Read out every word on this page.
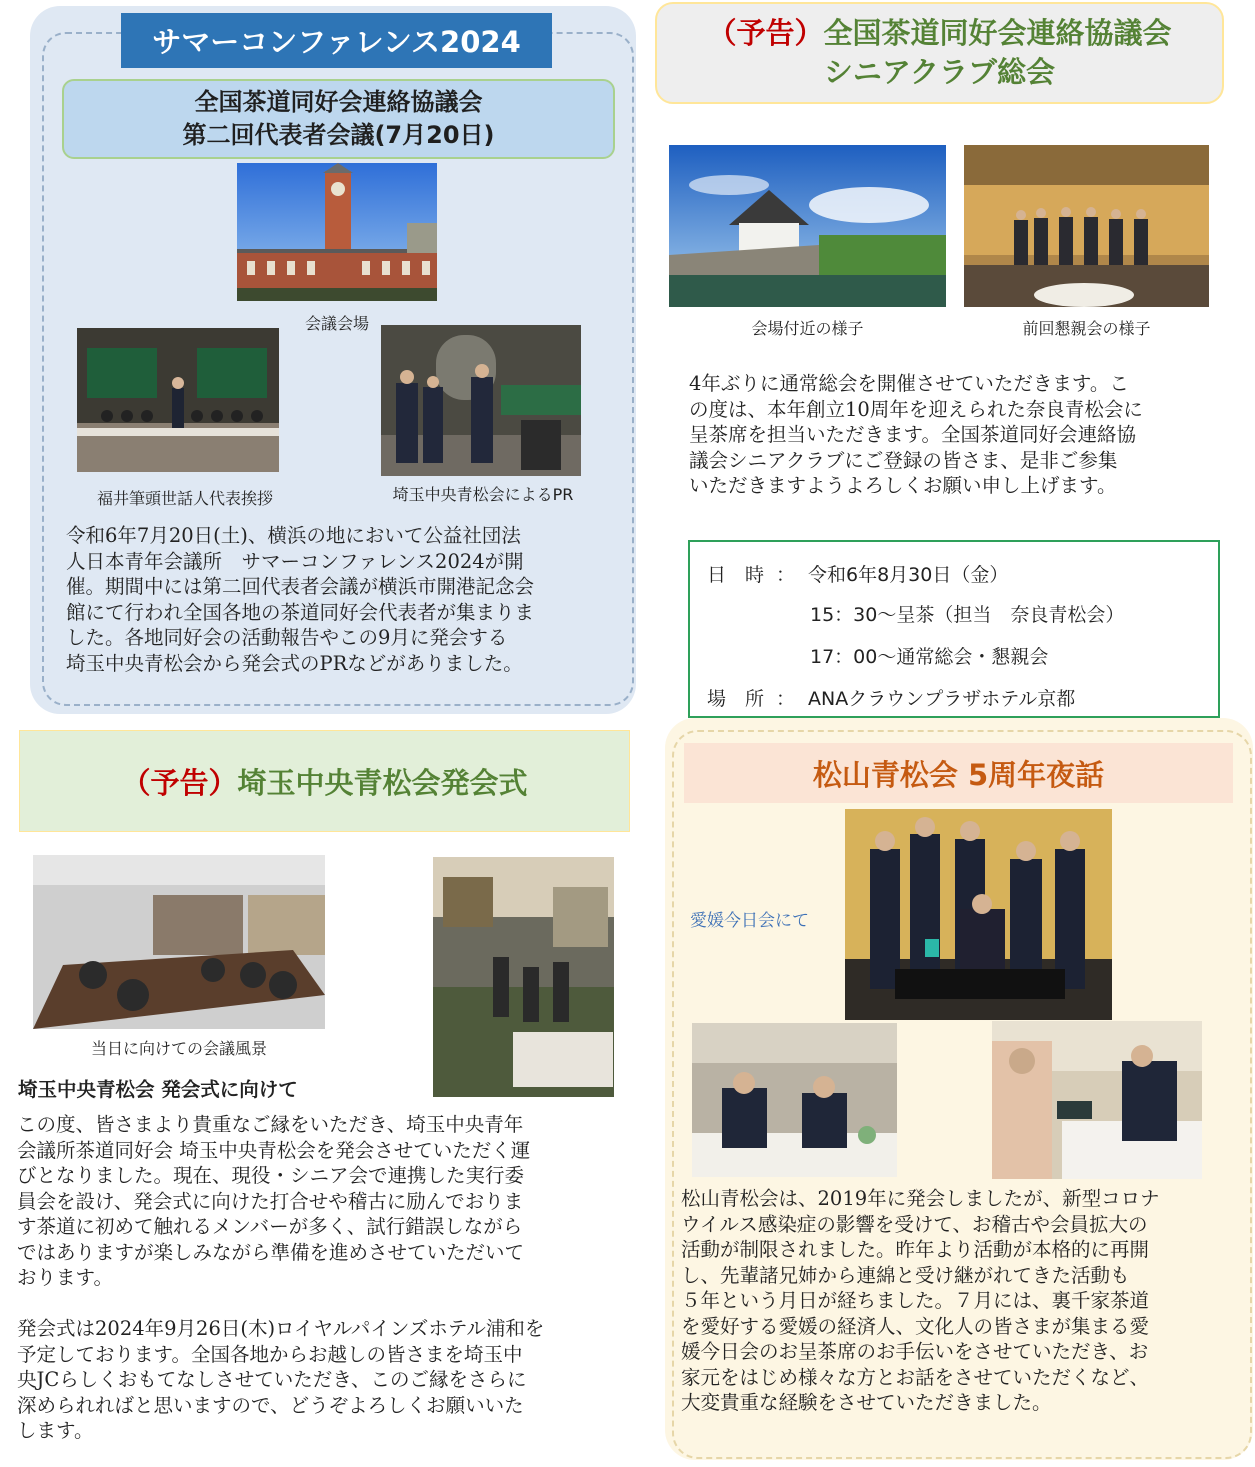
サマーコンファレンス2024
全国茶道同好会連絡協議会
第二回代表者会議(7月20日)
会議会場
福井筆頭世話人代表挨拶	埼玉中央青松会によるPR
令和6年7月20日(土)、横浜の地において公益社団法
人日本青年会議所　サマーコンファレンス2024が開
催。期間中には第二回代表者会議が横浜市開港記念会
館にて行われ全国各地の茶道同好会代表者が集まりま
した。各地同好会の活動報告やこの9月に発会する
埼玉中央青松会から発会式のPRなどがありました。
（予告）全国茶道同好会連絡協議会
シニアクラブ総会
会場付近の様子	前回懇親会の様子
4年ぶりに通常総会を開催させていただきます。こ
の度は、本年創立10周年を迎えられた奈良青松会に
呈茶席を担当いただきます。全国茶道同好会連絡協
議会シニアクラブにご登録の皆さま、是非ご参集
いただきますようよろしくお願い申し上げます。
日　時 ： 令和6年8月30日（金）
15：30～呈茶（担当　奈良青松会）
17：00～通常総会・懇親会
場　所 ： ANAクラウンプラザホテル京都
（予告） 埼玉中央青松会発会式
当日に向けての会議風景
埼玉中央青松会 発会式に向けて
この度、皆さまより貴重なご縁をいただき、埼玉中央青年
会議所茶道同好会 埼玉中央青松会を発会させていただく運
びとなりました。現在、現役・シニア会で連携した実行委
員会を設け、発会式に向けた打合せや稽古に励んでおりま
す茶道に初めて触れるメンバーが多く、試行錯誤しながら
ではありますが楽しみながら準備を進めさせていただいて
おります。
発会式は2024年9月26日(木)ロイヤルパインズホテル浦和を
予定しております。全国各地からお越しの皆さまを埼玉中
央JCらしくおもてなしさせていただき、このご縁をさらに
深められればと思いますので、どうぞよろしくお願いいた
します。
松山青松会 5周年夜話
愛媛今日会にて
松山青松会は、2019年に発会しましたが、新型コロナ
ウイルス感染症の影響を受けて、お稽古や会員拡大の
活動が制限されました。昨年より活動が本格的に再開
し、先輩諸兄姉から連綿と受け継がれてきた活動も
５年という月日が経ちました。７月には、裏千家茶道
を愛好する愛媛の経済人、文化人の皆さまが集まる愛
媛今日会のお呈茶席のお手伝いをさせていただき、お
家元をはじめ様々な方とお話をさせていただくなど、
大変貴重な経験をさせていただきました。
